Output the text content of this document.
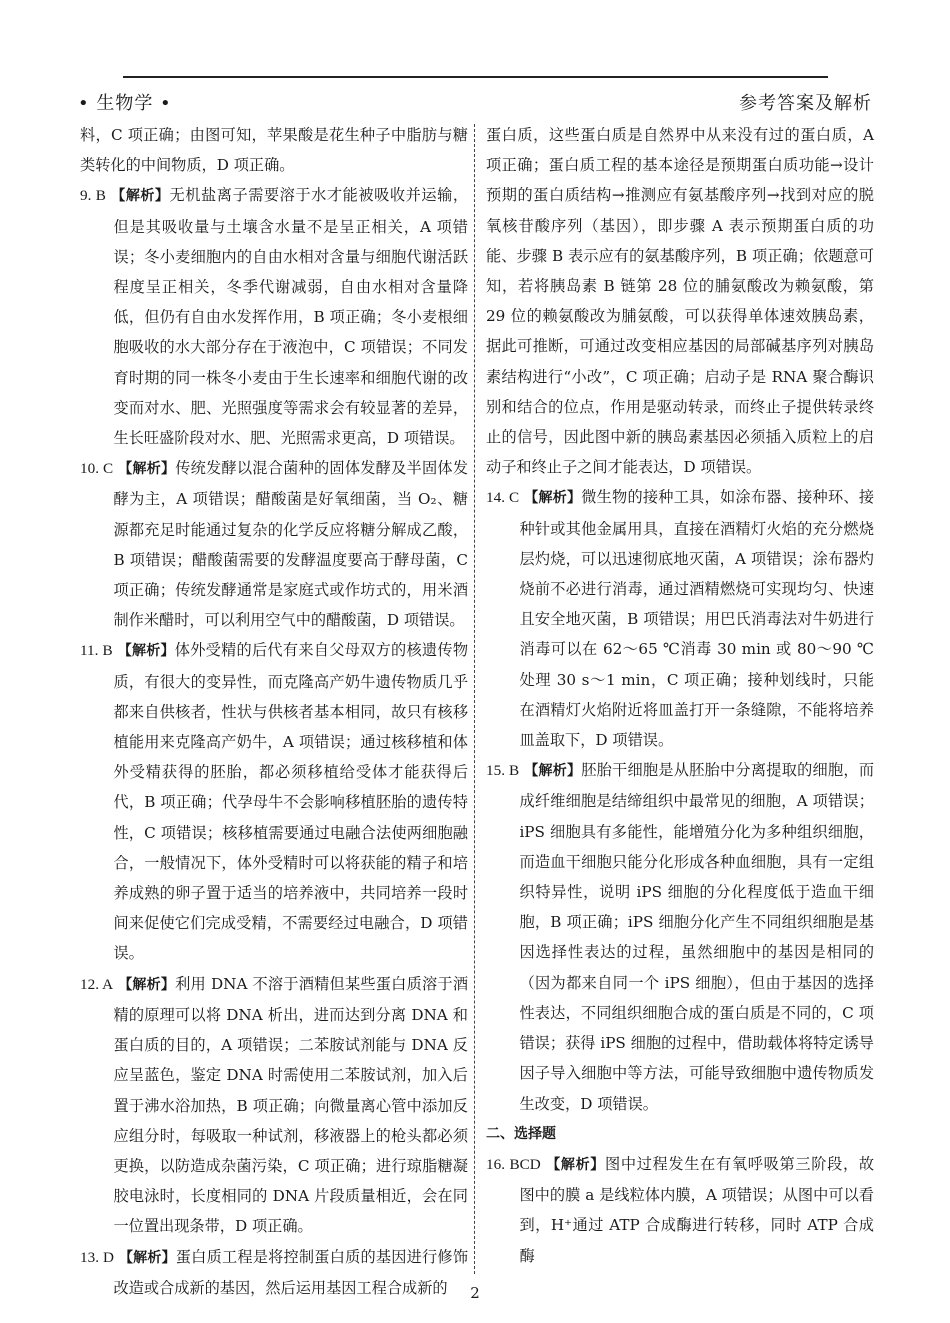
• 生物学 •	参考答案及解析

料，C 项正确；由图可知，苹果酸是花生种子中脂肪与糖类转化的中间物质，D 项正确。

9. B 【解析】无机盐离子需要溶于水才能被吸收并运输，但是其吸收量与土壤含水量不是呈正相关，A 项错误；冬小麦细胞内的自由水相对含量与细胞代谢活跃程度呈正相关，冬季代谢减弱，自由水相对含量降低，但仍有自由水发挥作用，B 项正确；冬小麦根细胞吸收的水大部分存在于液泡中，C 项错误；不同发育时期的同一株冬小麦由于生长速率和细胞代谢的改变而对水、肥、光照强度等需求会有较显著的差异，生长旺盛阶段对水、肥、光照需求更高，D 项错误。

10. C 【解析】传统发酵以混合菌种的固体发酵及半固体发酵为主，A 项错误；醋酸菌是好氧细菌，当 O₂、糖源都充足时能通过复杂的化学反应将糖分解成乙酸，B 项错误；醋酸菌需要的发酵温度要高于酵母菌，C 项正确；传统发酵通常是家庭式或作坊式的，用米酒制作米醋时，可以利用空气中的醋酸菌，D 项错误。

11. B 【解析】体外受精的后代有来自父母双方的核遗传物质，有很大的变异性，而克隆高产奶牛遗传物质几乎都来自供核者，性状与供核者基本相同，故只有核移植能用来克隆高产奶牛，A 项错误；通过核移植和体外受精获得的胚胎，都必须移植给受体才能获得后代，B 项正确；代孕母牛不会影响移植胚胎的遗传特性，C 项错误；核移植需要通过电融合法使两细胞融合，一般情况下，体外受精时可以将获能的精子和培养成熟的卵子置于适当的培养液中，共同培养一段时间来促使它们完成受精，不需要经过电融合，D 项错误。

12. A 【解析】利用 DNA 不溶于酒精但某些蛋白质溶于酒精的原理可以将 DNA 析出，进而达到分离 DNA 和蛋白质的目的，A 项错误；二苯胺试剂能与 DNA 反应呈蓝色，鉴定 DNA 时需使用二苯胺试剂，加入后置于沸水浴加热，B 项正确；向微量离心管中添加反应组分时，每吸取一种试剂，移液器上的枪头都必须更换，以防造成杂菌污染，C 项正确；进行琼脂糖凝胶电泳时，长度相同的 DNA 片段质量相近，会在同一位置出现条带，D 项正确。

13. D 【解析】蛋白质工程是将控制蛋白质的基因进行修饰改造或合成新的基因，然后运用基因工程合成新的

蛋白质，这些蛋白质是自然界中从来没有过的蛋白质，A 项正确；蛋白质工程的基本途径是预期蛋白质功能→设计预期的蛋白质结构→推测应有氨基酸序列→找到对应的脱氧核苷酸序列（基因），即步骤 A 表示预期蛋白质的功能、步骤 B 表示应有的氨基酸序列，B 项正确；依题意可知，若将胰岛素 B 链第 28 位的脯氨酸改为赖氨酸，第 29 位的赖氨酸改为脯氨酸，可以获得单体速效胰岛素，据此可推断，可通过改变相应基因的局部碱基序列对胰岛素结构进行“小改”，C 项正确；启动子是 RNA 聚合酶识别和结合的位点，作用是驱动转录，而终止子提供转录终止的信号，因此图中新的胰岛素基因必须插入质粒上的启动子和终止子之间才能表达，D 项错误。

14. C 【解析】微生物的接种工具，如涂布器、接种环、接种针或其他金属用具，直接在酒精灯火焰的充分燃烧层灼烧，可以迅速彻底地灭菌，A 项错误；涂布器灼烧前不必进行消毒，通过酒精燃烧可实现均匀、快速且安全地灭菌，B 项错误；用巴氏消毒法对牛奶进行消毒可以在 62～65 ℃消毒 30 min 或 80～90 ℃处理 30 s～1 min，C 项正确；接种划线时，只能在酒精灯火焰附近将皿盖打开一条缝隙，不能将培养皿盖取下，D 项错误。

15. B 【解析】胚胎干细胞是从胚胎中分离提取的细胞，而成纤维细胞是结缔组织中最常见的细胞，A 项错误；iPS 细胞具有多能性，能增殖分化为多种组织细胞，而造血干细胞只能分化形成各种血细胞，具有一定组织特异性，说明 iPS 细胞的分化程度低于造血干细胞，B 项正确；iPS 细胞分化产生不同组织细胞是基因选择性表达的过程，虽然细胞中的基因是相同的（因为都来自同一个 iPS 细胞），但由于基因的选择性表达，不同组织细胞合成的蛋白质是不同的，C 项错误；获得 iPS 细胞的过程中，借助载体将特定诱导因子导入细胞中等方法，可能导致细胞中遗传物质发生改变，D 项错误。

二、选择题

16. BCD 【解析】图中过程发生在有氧呼吸第三阶段，故图中的膜 a 是线粒体内膜，A 项错误；从图中可以看到，H⁺通过 ATP 合成酶进行转移，同时 ATP 合成酶

2
